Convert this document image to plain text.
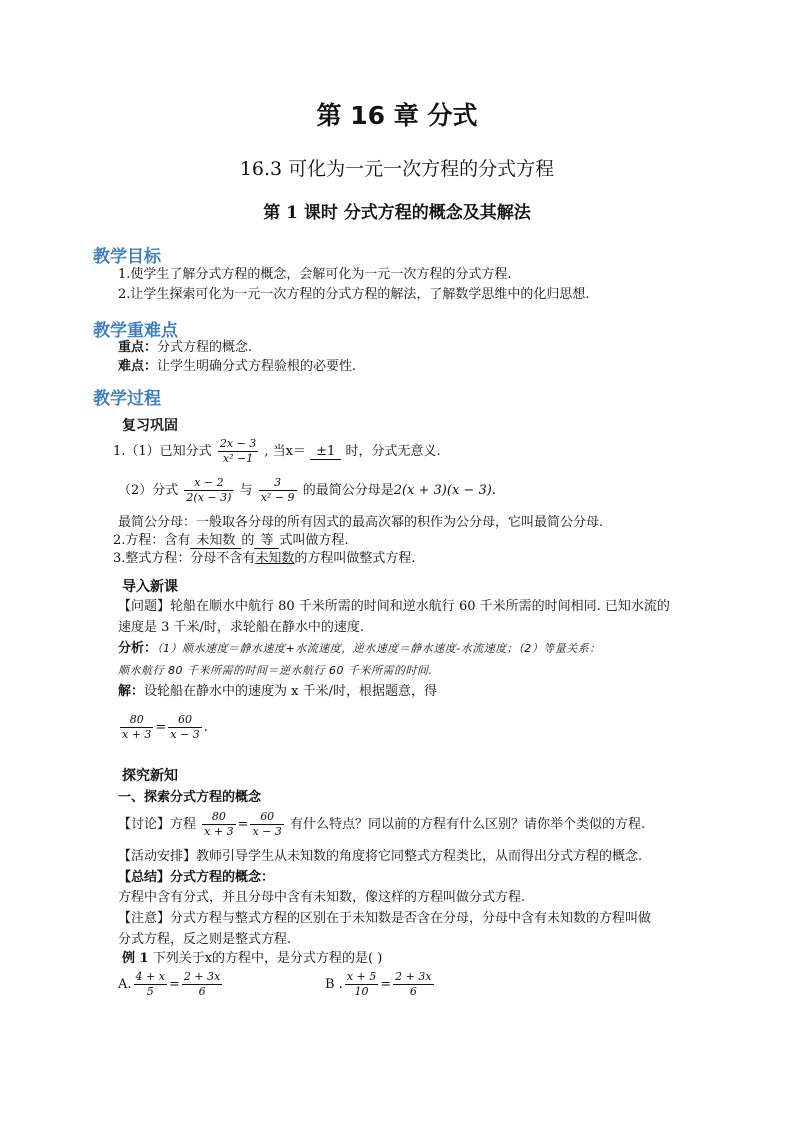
第 16 章 分式
16.3 可化为一元一次方程的分式方程
第 1 课时 分式方程的概念及其解法
教学目标
1.使学生了解分式方程的概念，会解可化为一元一次方程的分式方程.
2.让学生探索可化为一元一次方程的分式方程的解法，了解数学思维中的化归思想.
教学重难点
重点：分式方程的概念.
难点：让学生明确分式方程验根的必要性.
教学过程
复习巩固
1.（1）已知分式 $\frac{2x - 3}{\text{x² −1}}$ , 当x＝ ±1 时，分式无意义.
（2）分式 $\frac{x - 2}{2(x - 3)}$ 与 $\frac{3}{\text{x² − 9}}$ 的最简公分母是2(x + 3)(x − 3).
最简公分母：一般取各分母的所有因式的最高次幂的积作为公分母，它叫最简公分母.
2.方程：含有 未知数 的 等 式叫做方程.
3.整式方程：分母不含有未知数的方程叫做整式方程.
导入新课
【问题】轮船在顺水中航行 80 千米所需的时间和逆水航行 60 千米所需的时间相同. 已知水流的
速度是 3 千米/时，求轮船在静水中的速度.
分析：（1）顺水速度＝静水速度+水流速度，逆水速度＝静水速度-水流速度；（2）等量关系：
顺水航行 80 千米所需的时间＝逆水航行 60 千米所需的时间.
解：设轮船在静水中的速度为 x 千米/时，根据题意，得
$\frac{80}{x + 3} = \frac{60}{x - 3}$ .
探究新知
一、探索分式方程的概念
【讨论】方程 $\frac{80}{x + 3} = \frac{60}{x - 3}$ 有什么特点？同以前的方程有什么区别？请你举个类似的方程.
【活动安排】教师引导学生从未知数的角度将它同整式方程类比，从而得出分式方程的概念.
【总结】分式方程的概念：
方程中含有分式，并且分母中含有未知数，像这样的方程叫做分式方程.
【注意】分式方程与整式方程的区别在于未知数是否含在分母，分母中含有未知数的方程叫做
分式方程，反之则是整式方程.
例 1 下列关于x的方程中，是分式方程的是( )
A. $\frac{4 + x}{5} = \frac{2 + 3x}{6}$	B . $\frac{x + 5}{10} = \frac{2 + 3x}{6}$
